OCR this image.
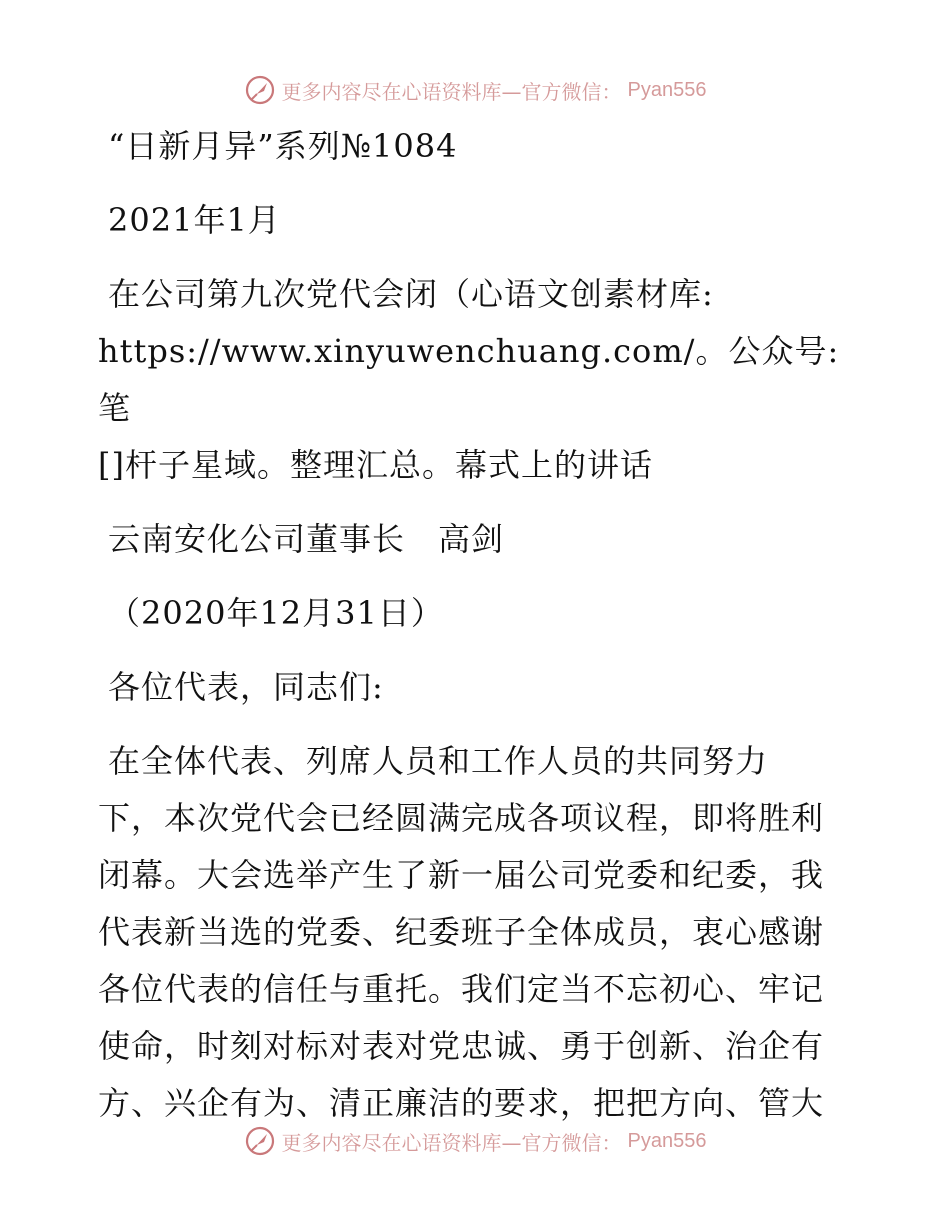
更多内容尽在心语资料库—官方微信： Pyan556
“日新月异”系列№1084
2021年1月
在公司第九次党代会闭（心语文创素材库:
https://www.xinyuwenchuang.com/。公众号: 笔
[]杆子星域。整理汇总。幕式上的讲话
云南安化公司董事长　高剑
（2020年12月31日）
各位代表，同志们:
在全体代表、列席人员和工作人员的共同努力
下，本次党代会已经圆满完成各项议程，即将胜利
闭幕。大会选举产生了新一届公司党委和纪委，我
代表新当选的党委、纪委班子全体成员，衷心感谢
各位代表的信任与重托。我们定当不忘初心、牢记
使命，时刻对标对表对党忠诚、勇于创新、治企有
方、兴企有为、清正廉洁的要求，把把方向、管大
更多内容尽在心语资料库—官方微信： Pyan556
